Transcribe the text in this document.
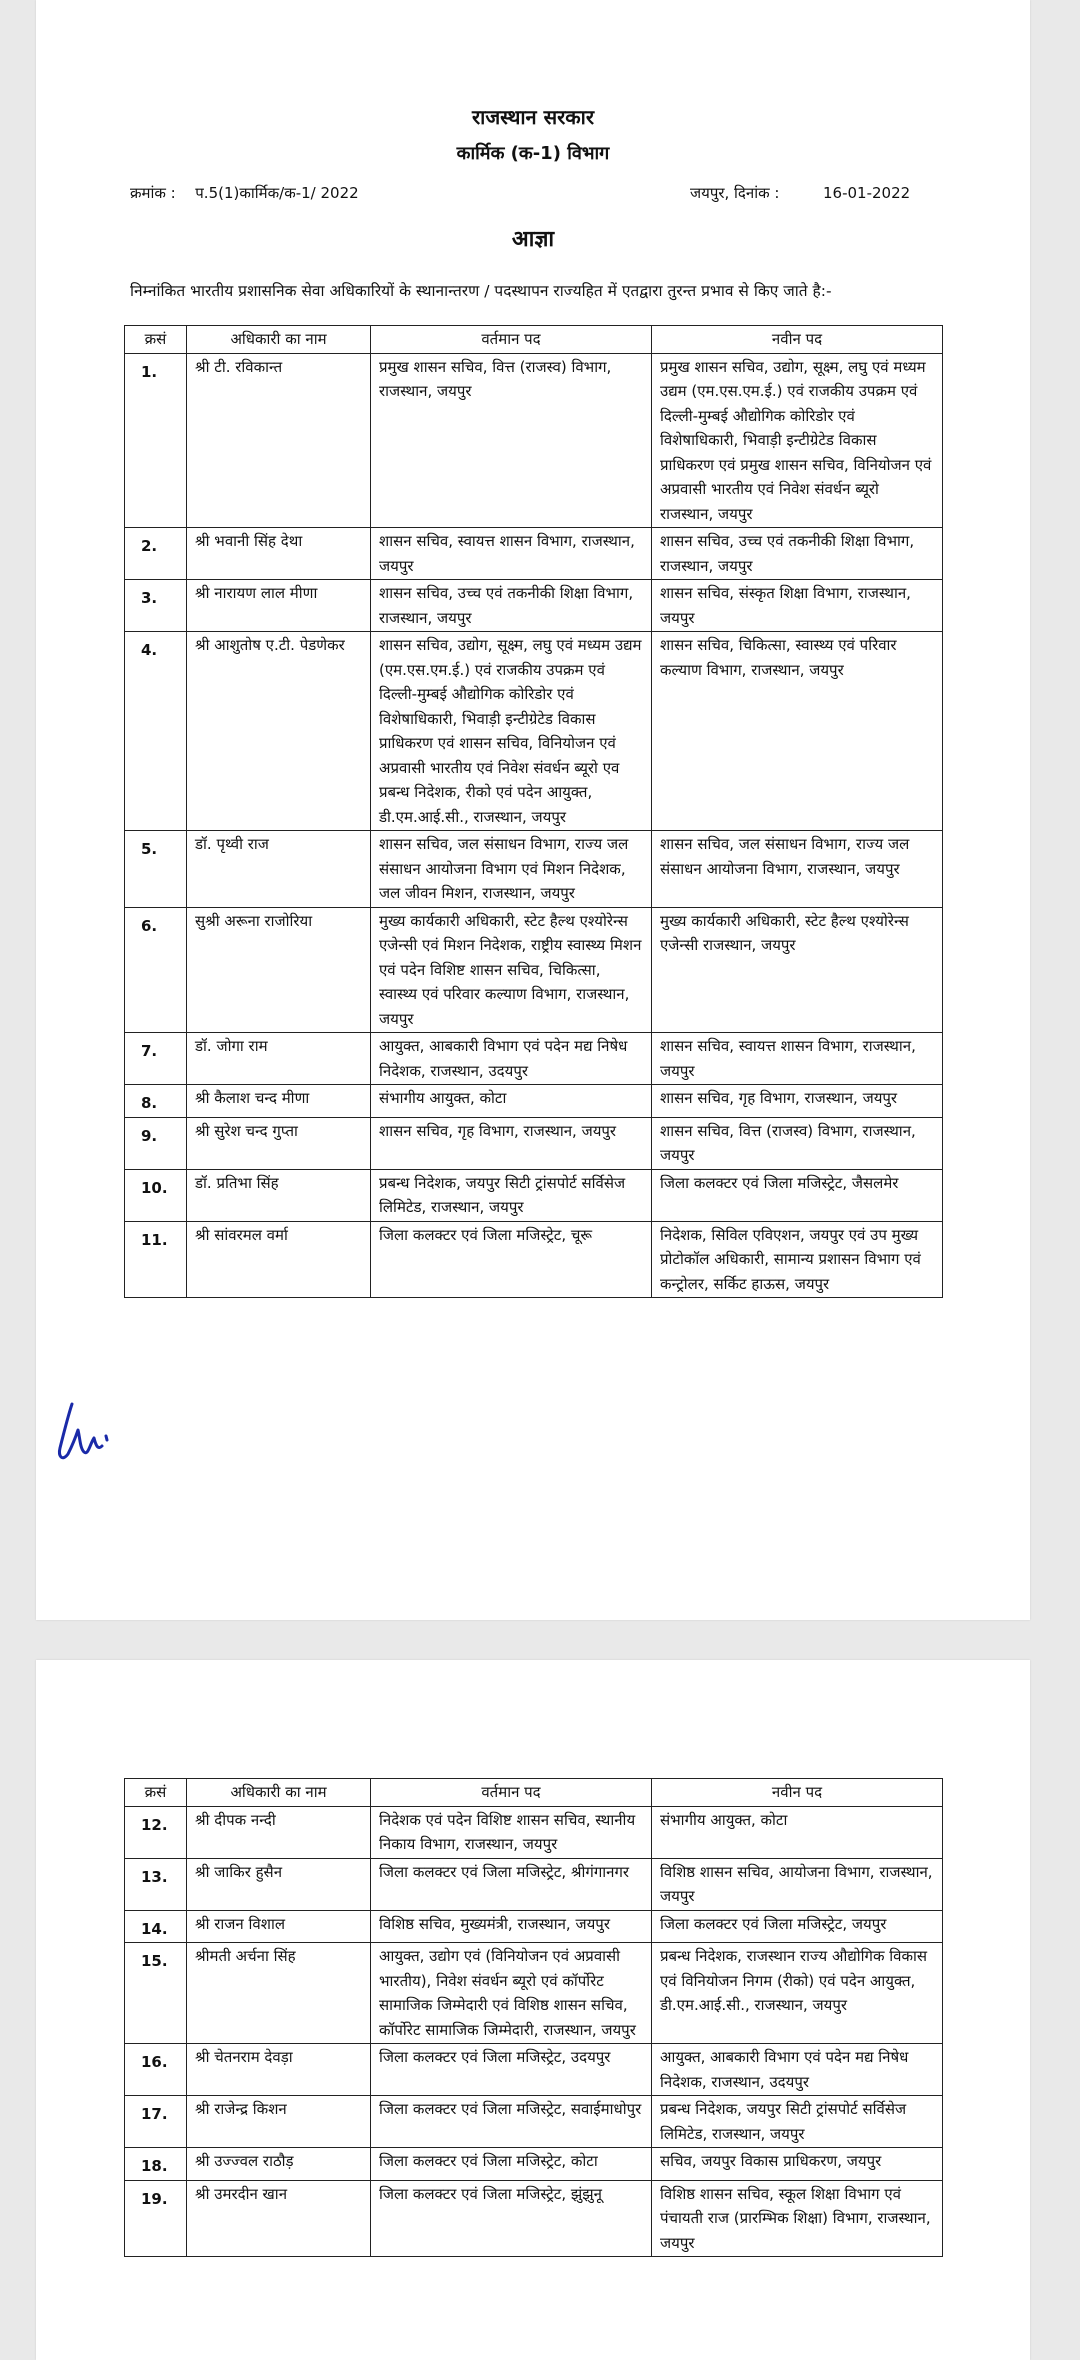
राजस्थान सरकार
कार्मिक (क-1) विभाग
क्रमांक : प.5(1)कार्मिक/क-1/ 2022	जयपुर, दिनांक :	16-01-2022
आज्ञा
निम्नांकित भारतीय प्रशासनिक सेवा अधिकारियों के स्थानान्तरण / पदस्थापन राज्यहित में एतद्वारा तुरन्त प्रभाव से किए जाते है:-
क्रसं	अधिकारी का नाम	वर्तमान पद	नवीन पद
1.	श्री टी. रविकान्त	प्रमुख शासन सचिव, वित्त (राजस्व) विभाग, राजस्थान, जयपुर	प्रमुख शासन सचिव, उद्योग, सूक्ष्म, लघु एवं मध्यम उद्यम (एम.एस.एम.ई.) एवं राजकीय उपक्रम एवं दिल्ली-मुम्बई औद्योगिक कोरिडोर एवं विशेषाधिकारी, भिवाड़ी इन्टीग्रेटेड विकास प्राधिकरण एवं प्रमुख शासन सचिव, विनियोजन एवं अप्रवासी भारतीय एवं निवेश संवर्धन ब्यूरो राजस्थान, जयपुर
2.	श्री भवानी सिंह देथा	शासन सचिव, स्वायत्त शासन विभाग, राजस्थान, जयपुर	शासन सचिव, उच्च एवं तकनीकी शिक्षा विभाग, राजस्थान, जयपुर
3.	श्री नारायण लाल मीणा	शासन सचिव, उच्च एवं तकनीकी शिक्षा विभाग, राजस्थान, जयपुर	शासन सचिव, संस्कृत शिक्षा विभाग, राजस्थान, जयपुर
4.	श्री आशुतोष ए.टी. पेडणेकर	शासन सचिव, उद्योग, सूक्ष्म, लघु एवं मध्यम उद्यम (एम.एस.एम.ई.) एवं राजकीय उपक्रम एवं दिल्ली-मुम्बई औद्योगिक कोरिडोर एवं विशेषाधिकारी, भिवाड़ी इन्टीग्रेटेड विकास प्राधिकरण एवं शासन सचिव, विनियोजन एवं अप्रवासी भारतीय एवं निवेश संवर्धन ब्यूरो एव प्रबन्ध निदेशक, रीको एवं पदेन आयुक्त, डी.एम.आई.सी., राजस्थान, जयपुर	शासन सचिव, चिकित्सा, स्वास्थ्य एवं परिवार कल्याण विभाग, राजस्थान, जयपुर
5.	डॉ. पृथ्वी राज	शासन सचिव, जल संसाधन विभाग, राज्य जल संसाधन आयोजना विभाग एवं मिशन निदेशक, जल जीवन मिशन, राजस्थान, जयपुर	शासन सचिव, जल संसाधन विभाग, राज्य जल संसाधन आयोजना विभाग, राजस्थान, जयपुर
6.	सुश्री अरूना राजोरिया	मुख्य कार्यकारी अधिकारी, स्टेट हैल्थ एश्योरेन्स एजेन्सी एवं मिशन निदेशक, राष्ट्रीय स्वास्थ्य मिशन एवं पदेन विशिष्ट शासन सचिव, चिकित्सा, स्वास्थ्य एवं परिवार कल्याण विभाग, राजस्थान, जयपुर	मुख्य कार्यकारी अधिकारी, स्टेट हैल्थ एश्योरेन्स एजेन्सी राजस्थान, जयपुर
7.	डॉ. जोगा राम	आयुक्त, आबकारी विभाग एवं पदेन मद्य निषेध निदेशक, राजस्थान, उदयपुर	शासन सचिव, स्वायत्त शासन विभाग, राजस्थान, जयपुर
8.	श्री कैलाश चन्द मीणा	संभागीय आयुक्त, कोटा	शासन सचिव, गृह विभाग, राजस्थान, जयपुर
9.	श्री सुरेश चन्द गुप्ता	शासन सचिव, गृह विभाग, राजस्थान, जयपुर	शासन सचिव, वित्त (राजस्व) विभाग, राजस्थान, जयपुर
10.	डॉ. प्रतिभा सिंह	प्रबन्ध निदेशक, जयपुर सिटी ट्रांसपोर्ट सर्विसेज लिमिटेड, राजस्थान, जयपुर	जिला कलक्टर एवं जिला मजिस्ट्रेट, जैसलमेर
11.	श्री सांवरमल वर्मा	जिला कलक्टर एवं जिला मजिस्ट्रेट, चूरू	निदेशक, सिविल एविएशन, जयपुर एवं उप मुख्य प्रोटोकॉल अधिकारी, सामान्य प्रशासन विभाग एवं कन्ट्रोलर, सर्किट हाऊस, जयपुर
क्रसं	अधिकारी का नाम	वर्तमान पद	नवीन पद
12.	श्री दीपक नन्दी	निदेशक एवं पदेन विशिष्ट शासन सचिव, स्थानीय निकाय विभाग, राजस्थान, जयपुर	संभागीय आयुक्त, कोटा
13.	श्री जाकिर हुसैन	जिला कलक्टर एवं जिला मजिस्ट्रेट, श्रीगंगानगर	विशिष्ठ शासन सचिव, आयोजना विभाग, राजस्थान, जयपुर
14.	श्री राजन विशाल	विशिष्ठ सचिव, मुख्यमंत्री, राजस्थान, जयपुर	जिला कलक्टर एवं जिला मजिस्ट्रेट, जयपुर
15.	श्रीमती अर्चना सिंह	आयुक्त, उद्योग एवं (विनियोजन एवं अप्रवासी भारतीय), निवेश संवर्धन ब्यूरो एवं कॉर्पोरेट सामाजिक जिम्मेदारी एवं विशिष्ठ शासन सचिव, कॉर्पोरेट सामाजिक जिम्मेदारी, राजस्थान, जयपुर	प्रबन्ध निदेशक, राजस्थान राज्य औद्योगिक विकास एवं विनियोजन निगम (रीको) एवं पदेन आयुक्त, डी.एम.आई.सी., राजस्थान, जयपुर
16.	श्री चेतनराम देवड़ा	जिला कलक्टर एवं जिला मजिस्ट्रेट, उदयपुर	आयुक्त, आबकारी विभाग एवं पदेन मद्य निषेध निदेशक, राजस्थान, उदयपुर
17.	श्री राजेन्द्र किशन	जिला कलक्टर एवं जिला मजिस्ट्रेट, सवाईमाधोपुर	प्रबन्ध निदेशक, जयपुर सिटी ट्रांसपोर्ट सर्विसेज लिमिटेड, राजस्थान, जयपुर
18.	श्री उज्ज्वल राठौड़	जिला कलक्टर एवं जिला मजिस्ट्रेट, कोटा	सचिव, जयपुर विकास प्राधिकरण, जयपुर
19.	श्री उमरदीन खान	जिला कलक्टर एवं जिला मजिस्ट्रेट, झुंझुनू	विशिष्ठ शासन सचिव, स्कूल शिक्षा विभाग एवं पंचायती राज (प्रारम्भिक शिक्षा) विभाग, राजस्थान, जयपुर
